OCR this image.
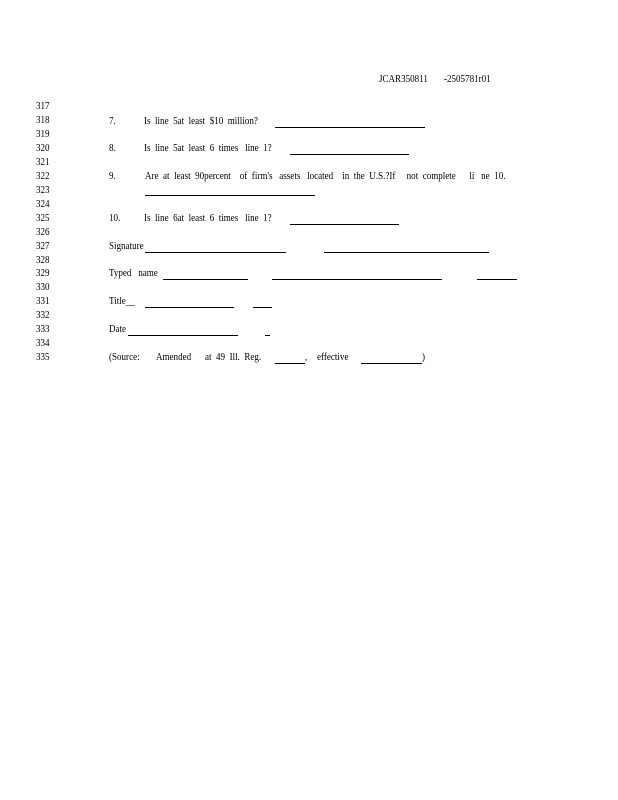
JCAR350811 -2505781r01
317
318
319
320
321
322
323
324
325
326
327
328
329
330
331
332
333
334
335
7.	Is  line  5at  least  $10  million?
8.	Is  line  5at  least  6  times   line  1?
9.	Are  at  least  90percent    of  firm's   assets   located    in  the  U.S.?If     not  complete      li   ne  10.
10. Is  line  6at  least  6  times   line  1?
Signature
Typed   name
Title__
Date
(Source: Amended at  49  Ill.  Reg.	, effective	)
